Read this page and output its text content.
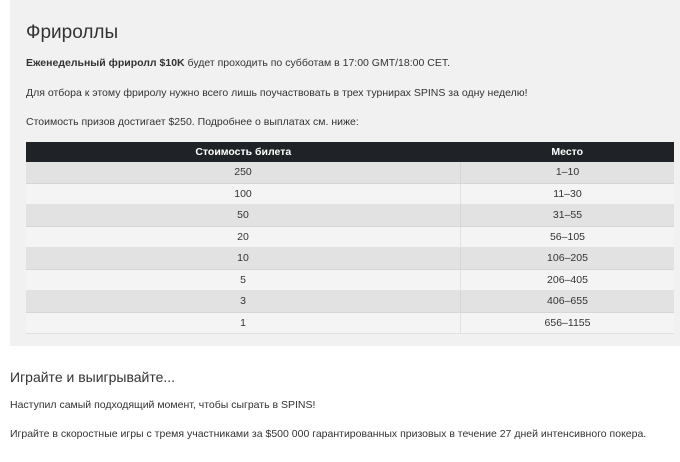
Фрироллы

Еженедельный фриролл $10K будет проходить по субботам в 17:00 GMT/18:00 CET.

Для отбора к этому фриролу нужно всего лишь поучаствовать в трех турнирах SPINS за одну неделю!

Стоимость призов достигает $250. Подробнее о выплатах см. ниже:

Стоимость билета	Место
250	1–10
100	11–30
50	31–55
20	56–105
10	106–205
5	206–405
3	406–655
1	656–1155
Играйте и выигрывайте...

Наступил самый подходящий момент, чтобы сыграть в SPINS!

Играйте в скоростные игры с тремя участниками за $500 000 гарантированных призовых в течение 27 дней интенсивного покера.
